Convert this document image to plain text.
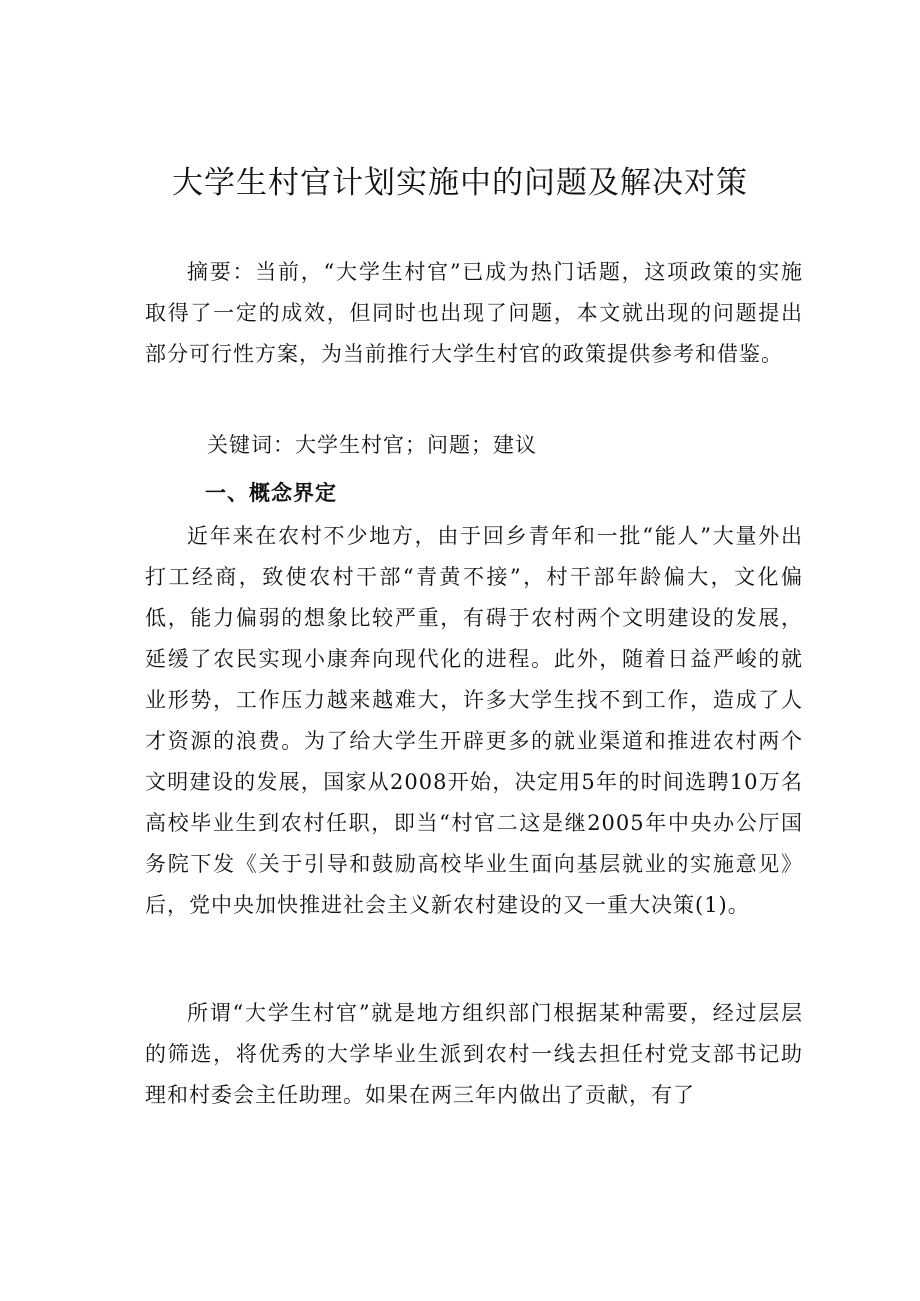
大学生村官计划实施中的问题及解决对策
摘要：当前，“大学生村官”已成为热门话题，这项政策的实施取得了一定的成效，但同时也出现了问题，本文就出现的问题提出部分可行性方案，为当前推行大学生村官的政策提供参考和借鉴。
关键词：大学生村官；问题；建议
一、概念界定
近年来在农村不少地方，由于回乡青年和一批“能人”大量外出打工经商，致使农村干部“青黄不接”，村干部年龄偏大，文化偏低，能力偏弱的想象比较严重，有碍于农村两个文明建设的发展，延缓了农民实现小康奔向现代化的进程。此外，随着日益严峻的就业形势，工作压力越来越难大，许多大学生找不到工作，造成了人才资源的浪费。为了给大学生开辟更多的就业渠道和推进农村两个文明建设的发展，国家从2008开始，决定用5年的时间选聘10万名高校毕业生到农村任职，即当“村官二这是继2005年中央办公厅国务院下发《关于引导和鼓励高校毕业生面向基层就业的实施意见》后，党中央加快推进社会主义新农村建设的又一重大决策(1)。
所谓“大学生村官”就是地方组织部门根据某种需要，经过层层的筛选，将优秀的大学毕业生派到农村一线去担任村党支部书记助理和村委会主任助理。如果在两三年内做出了贡献，有了
